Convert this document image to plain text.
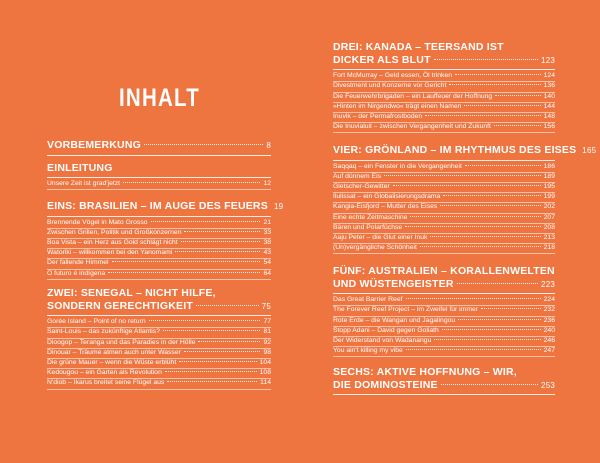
INHALT
VORBEMERKUNG	8
EINLEITUNG
Unsere Zeit ist grad'jetzt	12
EINS: BRASILIEN – IM AUGE DES FEUERS 19
Brennende Vögel in Mato Grosso	21
Zwischen Grillen, Politik und Großkonzernen	33
Boa Vista – ein Herz aus Gold schlägt nicht	38
Watoriki – willkommen bei den Yanomami	43
Der fallende Himmel	54
O futuro é indígena	64
ZWEI: SENEGAL – NICHT HILFE,
SONDERN GERECHTIGKEIT	75
Gorée Island – Point of no return	77
Saint-Louis – das zukünftige Atlantis?	81
Dioogop – Teranga und das Paradies in der Hölle	92
Dinouar – Träume atmen auch unter Wasser	98
Die grüne Mauer – wenn die Wüste erblüht	104
Kedougou – ein Garten als Revolution	108
N'diob – Ikarus breitet seine Flügel aus	114
DREI: KANADA – TEERSAND IST
DICKER ALS BLUT	123
Fort McMurray – Geld essen, Öl trinken	124
Divestment und Konzerne vor Gericht	136
Die Feuerwehrbrigaden – ein Lauffeuer der Hoffnung	140
»Hinten im Nirgendwo« trägt einen Namen	144
Inuvik – der Permafrostboden	148
Die Inuvialuit – zwischen Vergangenheit und Zukunft	156
VIER: GRÖNLAND – IM RHYTHMUS DES EISES 165
Saqqaq – ein Fenster in die Vergangenheit	186
Auf dünnem Eis	189
Gletscher-Gewitter	195
Ilulissat – ein Globalisierungsdrama	199
Kangia-Eisfjord – Mutter des Eises	202
Eine echte Zeitmaschine	207
Bären und Polarfüchse	208
Aaju Peter – die Glut einer Inuk	213
(Un)vergängliche Schönheit	218
FÜNF: AUSTRALIEN – KORALLENWELTEN
UND WÜSTENGEISTER	223
Das Great Barrier Reef	224
The Forever Reef Project – im Zweifel für immer	232
Rote Erde – die Wangan und Jagalingou	236
Stopp Adani – David gegen Goliath	240
Der Widerstand von Wadanangu	246
You ain't killing my vibe	247
SECHS: AKTIVE HOFFNUNG – WIR,
DIE DOMINOSTEINE	253
